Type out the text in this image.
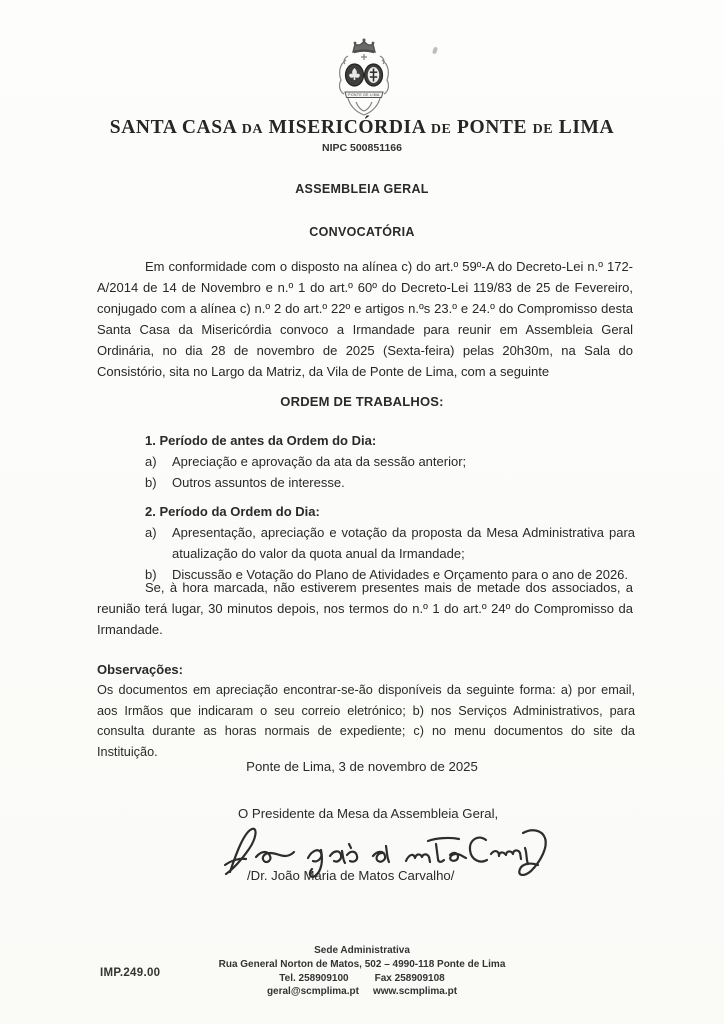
PONTE DE LIMA
SANTA CASA da MISERICÓRDIA de PONTE de LIMA
NIPC 500851166
ASSEMBLEIA GERAL
CONVOCATÓRIA

Em conformidade com o disposto na alínea c) do art.º 59º-A do Decreto-Lei n.º 172-A/2014 de 14 de Novembro e n.º 1 do art.º 60º do Decreto-Lei 119/83 de 25 de Fevereiro, conjugado com a alínea c) n.º 2 do art.º 22º e artigos n.ºs 23.º e 24.º do Compromisso desta Santa Casa da Misericórdia convoco a Irmandade para reunir em Assembleia Geral Ordinária, no dia 28 de novembro de 2025 (Sexta-feira) pelas 20h30m, na Sala do Consistório, sita no Largo da Matriz, da Vila de Ponte de Lima, com a seguinte

ORDEM DE TRABALHOS:
1. Período de antes da Ordem do Dia:
a)	Apreciação e aprovação da ata da sessão anterior;
b)	Outros assuntos de interesse.
2. Período da Ordem do Dia:
a)	Apresentação, apreciação e votação da proposta da Mesa Administrativa para atualização do valor da quota anual da Irmandade;
b)	Discussão e Votação do Plano de Atividades e Orçamento para o ano de 2026.

Se, à hora marcada, não estiverem presentes mais de metade dos associados, a reunião terá lugar, 30 minutos depois, nos termos do n.º 1 do art.º 24º do Compromisso da Irmandade.

Observações:
Os documentos em apreciação encontrar-se-ão disponíveis da seguinte forma: a) por email, aos Irmãos que indicaram o seu correio eletrónico; b) nos Serviços Administrativos, para consulta durante as horas normais de expediente; c) no menu documentos do site da Instituição.
Ponte de Lima, 3 de novembro de 2025
O Presidente da Mesa da Assembleia Geral,
/Dr. João Maria de Matos Carvalho/
Sede Administrativa
Rua General Norton de Matos, 502 – 4990-118 Ponte de Lima
Tel. 258909100	Fax 258909108
geral@scmplima.pt www.scmplima.pt
IMP.249.00
